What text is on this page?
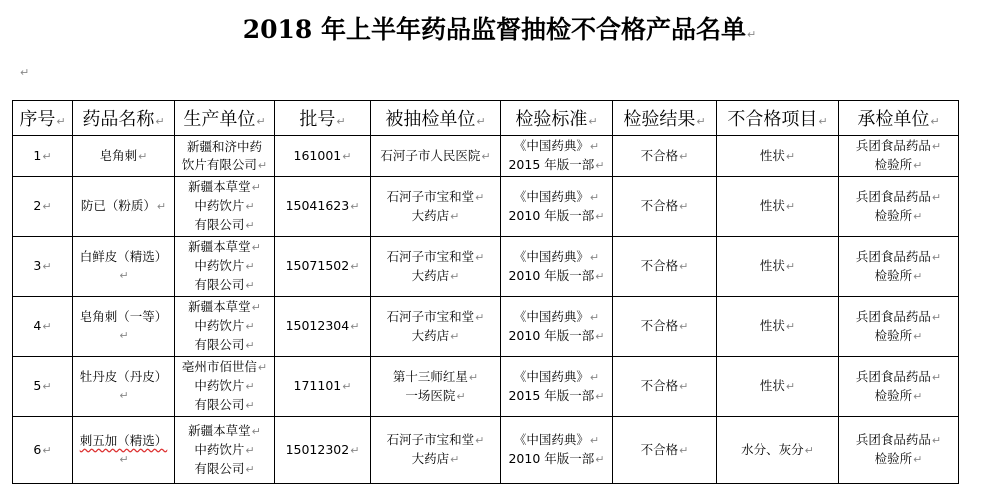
2018 年上半年药品监督抽检不合格产品名单↵
↵
序号↵	药品名称↵	生产单位↵	批号↵	被抽检单位↵	检验标准↵	检验结果↵	不合格项目↵	承检单位↵
1↵	皂角刺↵	新疆和济中药
饮片有限公司↵	161001↵	石河子市人民医院↵	《中国药典》↵
2015 年版一部↵	不合格↵	性状↵	兵团食品药品↵
检验所↵
2↵	防已（粉质）↵	新疆本草堂↵
中药饮片↵
有限公司↵	15041623↵	石河子市宝和堂↵
大药店↵	《中国药典》↵
2010 年版一部↵	不合格↵	性状↵	兵团食品药品↵
检验所↵
3↵	白鲜皮（精选）↵	新疆本草堂↵
中药饮片↵
有限公司↵	15071502↵	石河子市宝和堂↵
大药店↵	《中国药典》↵
2010 年版一部↵	不合格↵	性状↵	兵团食品药品↵
检验所↵
4↵	皂角刺（一等）↵	新疆本草堂↵
中药饮片↵
有限公司↵	15012304↵	石河子市宝和堂↵
大药店↵	《中国药典》↵
2010 年版一部↵	不合格↵	性状↵	兵团食品药品↵
检验所↵
5↵	牡丹皮（丹皮）↵	亳州市佰世信↵
中药饮片↵
有限公司↵	171101↵	第十三师红星↵
一场医院↵	《中国药典》↵
2015 年版一部↵	不合格↵	性状↵	兵团食品药品↵
检验所↵
6↵	刺五加（精选）↵	新疆本草堂↵
中药饮片↵
有限公司↵	15012302↵	石河子市宝和堂↵
大药店↵	《中国药典》↵
2010 年版一部↵	不合格↵	水分、灰分↵	兵团食品药品↵
检验所↵
